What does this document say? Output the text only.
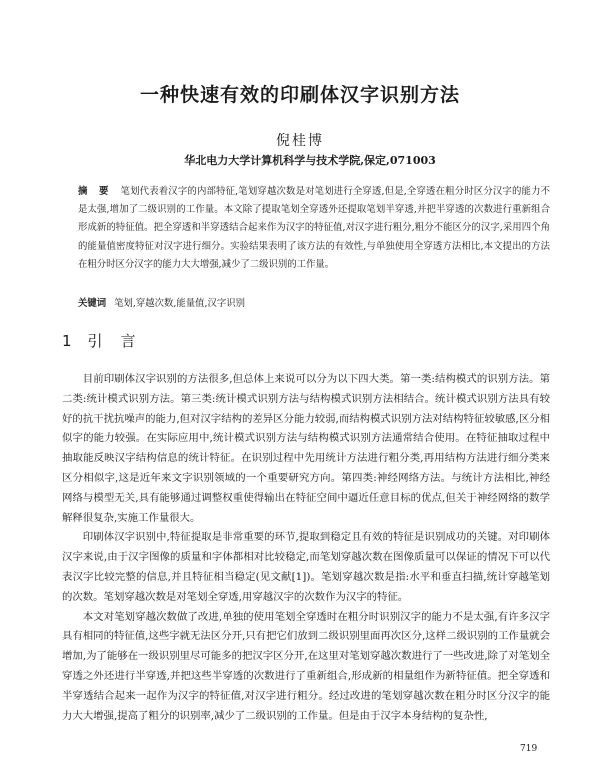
一种快速有效的印刷体汉字识别方法
倪桂博
华北电力大学计算机科学与技术学院,保定,071003

摘 要 笔划代表着汉字的内部特征,笔划穿越次数是对笔划进行全穿透,但是,全穿透在粗分时区分汉字的能力不是太强,增加了二级识别的工作量。本文除了提取笔划全穿透外还提取笔划半穿透,并把半穿透的次数进行重新组合形成新的特征值。把全穿透和半穿透结合起来作为汉字的特征值,对汉字进行粗分,粗分不能区分的汉字,采用四个角的能量值密度特征对汉字进行细分。实验结果表明了该方法的有效性,与单独使用全穿透方法相比,本文提出的方法在粗分时区分汉字的能力大大增强,减少了二级识别的工作量。

关键词 笔划,穿越次数,能量值,汉字识别

1 引言

目前印刷体汉字识别的方法很多,但总体上来说可以分为以下四大类。第一类:结构模式的识别方法。第二类:统计模式识别方法。第三类:统计模式识别方法与结构模式识别方法相结合。统计模式识别方法具有较好的抗干扰抗噪声的能力,但对汉字结构的差异区分能力较弱,而结构模式识别方法对结构特征较敏感,区分相似字的能力较强。在实际应用中,统计模式识别方法与结构模式识别方法通常结合使用。在特征抽取过程中抽取能反映汉字结构信息的统计特征。在识别过程中先用统计方法进行粗分类,再用结构方法进行细分类来区分相似字,这是近年来文字识别领域的一个重要研究方向。第四类:神经网络方法。与统计方法相比,神经网络与模型无关,具有能够通过调整权重使得输出在特征空间中逼近任意目标的优点,但关于神经网络的数学解释很复杂,实施工作量很大。

印刷体汉字识别中,特征提取是非常重要的环节,提取到稳定且有效的特征是识别成功的关键。对印刷体汉字来说,由于汉字图像的质量和字体都相对比较稳定,而笔划穿越次数在图像质量可以保证的情况下可以代表汉字比较完整的信息,并且特征相当稳定(见文献[1])。笔划穿越次数是指:水平和垂直扫描,统计穿越笔划的次数。笔划穿越次数是对笔划全穿透,用穿越汉字的次数作为汉字的特征。

本文对笔划穿越次数做了改进,单独的使用笔划全穿透时在粗分时识别汉字的能力不是太强,有许多汉字具有相同的特征值,这些字就无法区分开,只有把它们放到二级识别里面再次区分,这样二级识别的工作量就会增加,为了能够在一级识别里尽可能多的把汉字区分开,在这里对笔划穿越次数进行了一些改进,除了对笔划全穿透之外还进行半穿透,并把这些半穿透的次数进行了重新组合,形成新的相量组作为新特征值。把全穿透和半穿透结合起来一起作为汉字的特征值,对汉字进行粗分。经过改进的笔划穿越次数在粗分时区分汉字的能力大大增强,提高了粗分的识别率,减少了二级识别的工作量。但是由于汉字本身结构的复杂性,

719
